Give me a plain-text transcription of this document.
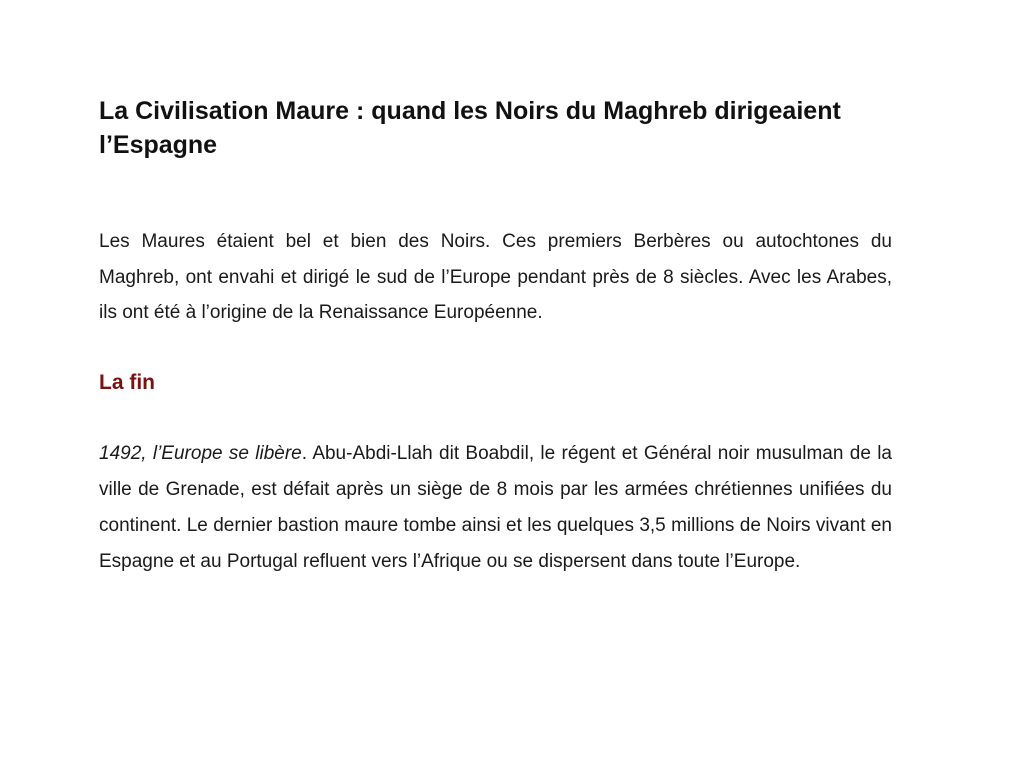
La Civilisation Maure : quand les Noirs du Maghreb dirigeaient l’Espagne

Les Maures étaient bel et bien des Noirs. Ces premiers Berbères ou autochtones du Maghreb, ont envahi et dirigé le sud de l’Europe pendant près de 8 siècles. Avec les Arabes, ils ont été à l’origine de la Renaissance Européenne.

La fin

1492, l’Europe se libère. Abu-Abdi-Llah dit Boabdil, le régent et Général noir musulman de la ville de Grenade, est défait après un siège de 8 mois par les armées chrétiennes unifiées du continent. Le dernier bastion maure tombe ainsi et les quelques 3,5 millions de Noirs vivant en Espagne et au Portugal refluent vers l’Afrique ou se dispersent dans toute l’Europe.
